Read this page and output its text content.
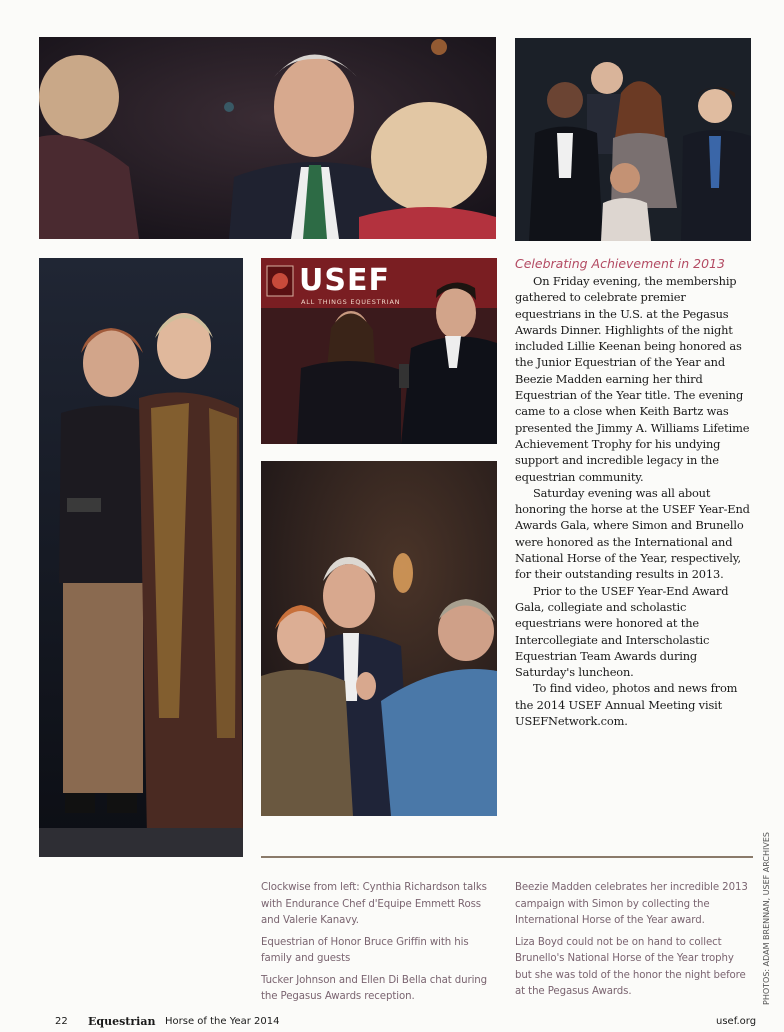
USEF
ALL THINGS EQUESTRIAN
Celebrating Achievement in 2013

On Friday evening, the membership gathered to celebrate premier equestrians in the U.S. at the Pegasus Awards Dinner. Highlights of the night included Lillie Keenan being honored as the Junior Equestrian of the Year and Beezie Madden earning her third Equestrian of the Year title. The evening came to a close when Keith Bartz was presented the Jimmy A. Williams Lifetime Achievement Trophy for his undying support and incredible legacy in the equestrian community.

Saturday evening was all about honoring the horse at the USEF Year-End Awards Gala, where Simon and Brunello were honored as the International and National Horse of the Year, respectively, for their outstanding results in 2013.

Prior to the USEF Year-End Award Gala, collegiate and scholastic equestrians were honored at the Intercollegiate and Interscholastic Equestrian Team Awards during Saturday's luncheon.

To find video, photos and news from the 2014 USEF Annual Meeting visit USEFNetwork.com.

Clockwise from left: Cynthia Richardson talks with Endurance Chef d'Equipe Emmett Ross and Valerie Kanavy.
Equestrian of Honor Bruce Griffin with his family and guests
Tucker Johnson and Ellen Di Bella chat during the Pegasus Awards reception.
Beezie Madden celebrates her incredible 2013 campaign with Simon by collecting the International Horse of the Year award.
Liza Boyd could not be on hand to collect Brunello's National Horse of the Year trophy but she was told of the honor the night before at the Pegasus Awards.	PHOTOS: ADAM BRENNAN, USEF ARCHIVES
22 Equestrian Horse of the Year 2014	usef.org
